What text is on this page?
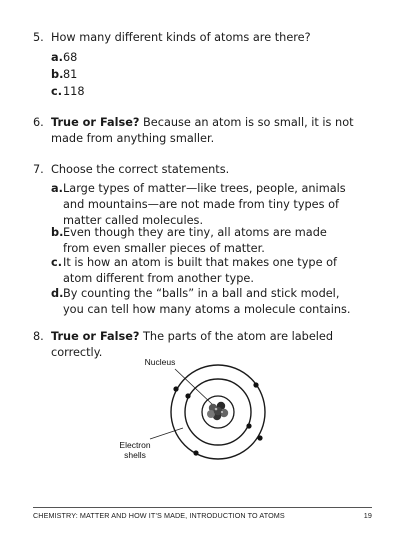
5. How many different kinds of atoms are there?
a. 68
b. 81
c. 118
6. True or False? Because an atom is so small, it is not made from anything smaller.
7. Choose the correct statements.
a. Large types of matter—like trees, people, animals and mountains—are not made from tiny types of matter called molecules.
b. Even though they are tiny, all atoms are made from even smaller pieces of matter.
c. It is how an atom is built that makes one type of atom different from another type.
d. By counting the “balls” in a ball and stick model, you can tell how many atoms a molecule contains.
8. True or False? The parts of the atom are labeled correctly.
Nucleus
Electron
shells
CHEMISTRY: MATTER AND HOW IT’S MADE, INTRODUCTION TO ATOMS	19
